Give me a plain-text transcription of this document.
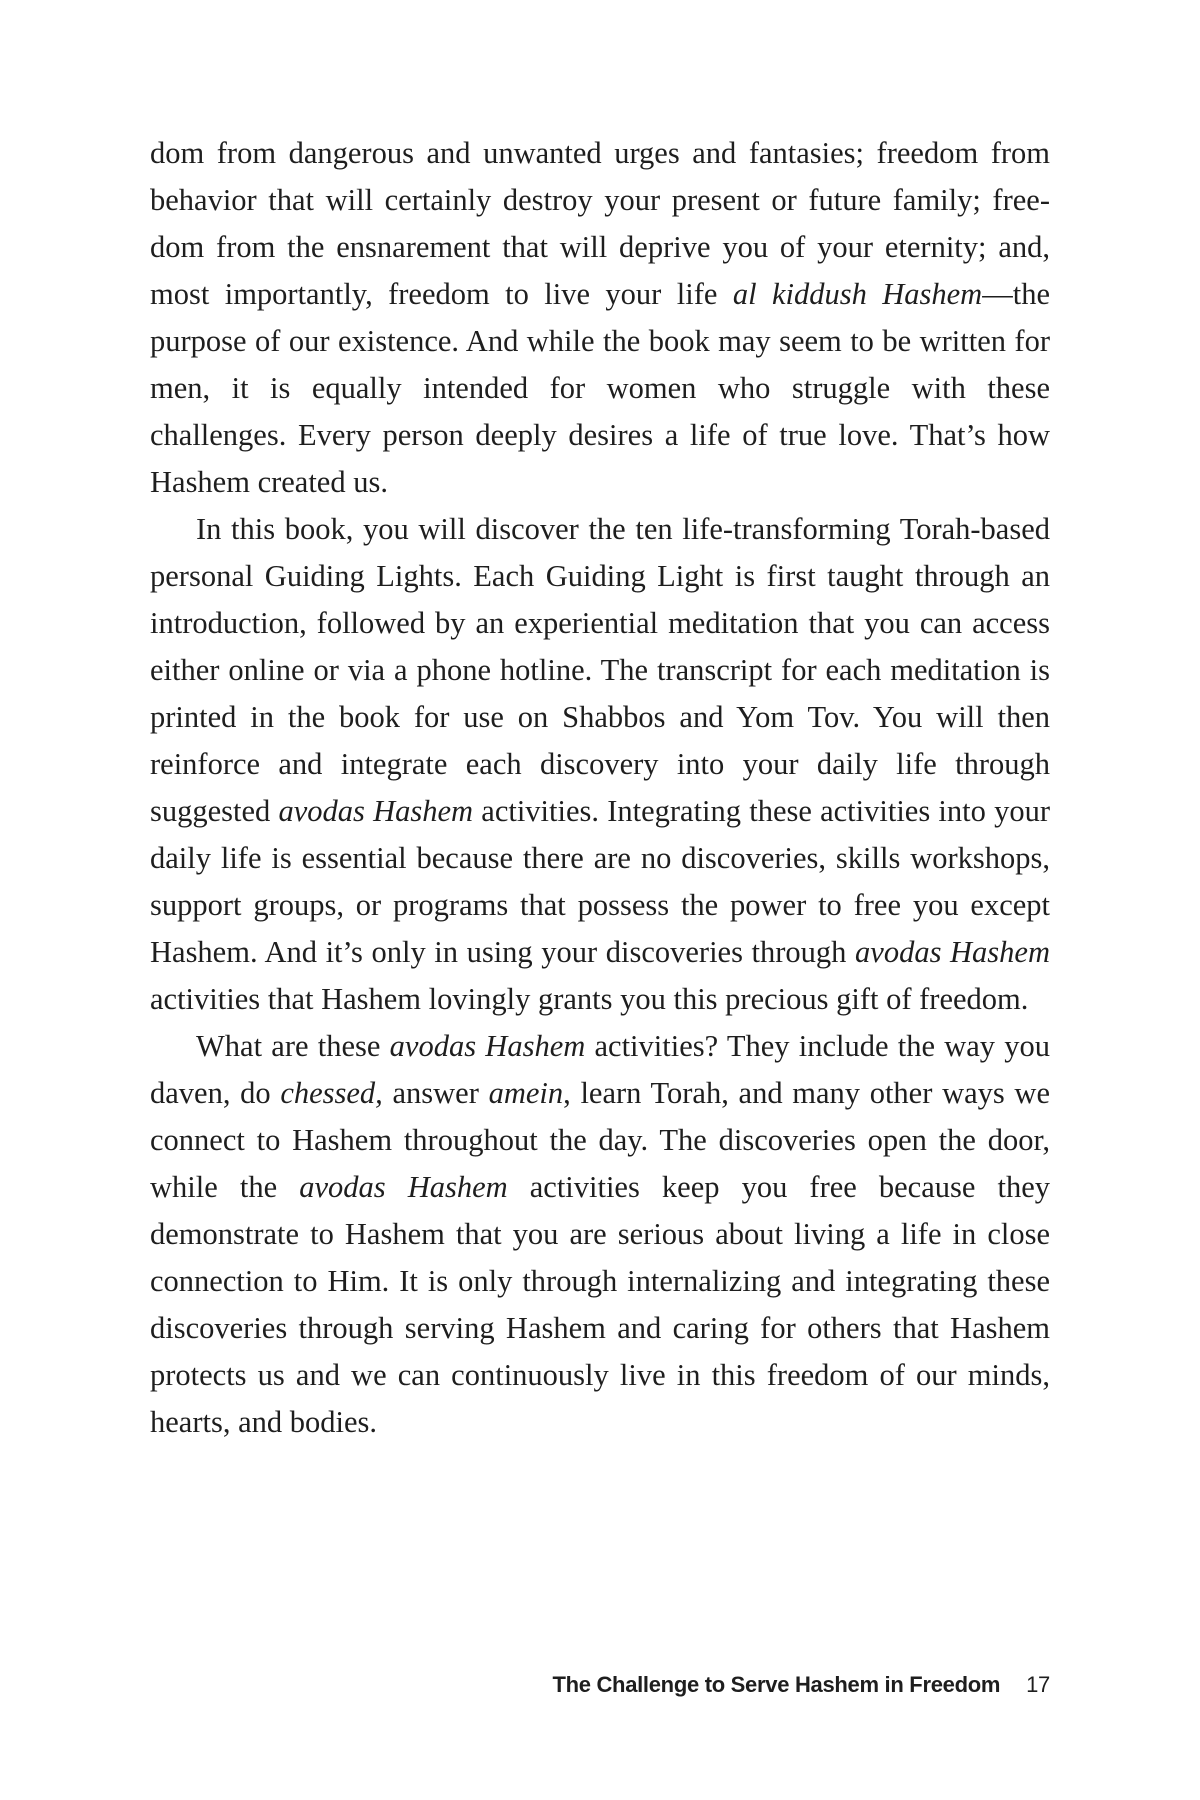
dom from dangerous and unwanted urges and fantasies; freedom from behavior that will certainly destroy your present or future family; freedom from the ensnarement that will deprive you of your eternity; and, most importantly, freedom to live your life al kiddush Hashem—the purpose of our existence. And while the book may seem to be written for men, it is equally intended for women who struggle with these challenges. Every person deeply desires a life of true love. That’s how Hashem created us.

In this book, you will discover the ten life-transforming Torah-based personal Guiding Lights. Each Guiding Light is first taught through an introduction, followed by an experiential meditation that you can access either online or via a phone hotline. The transcript for each meditation is printed in the book for use on Shabbos and Yom Tov. You will then reinforce and integrate each discovery into your daily life through suggested avodas Hashem activities. Integrating these activities into your daily life is essential because there are no discoveries, skills workshops, support groups, or programs that possess the power to free you except Hashem. And it’s only in using your discoveries through avodas Hashem activities that Hashem lovingly grants you this precious gift of freedom.

What are these avodas Hashem activities? They include the way you daven, do chessed, answer amein, learn Torah, and many other ways we connect to Hashem throughout the day. The discoveries open the door, while the avodas Hashem activities keep you free because they demonstrate to Hashem that you are serious about living a life in close connection to Him. It is only through internalizing and integrating these discoveries through serving Hashem and caring for others that Hashem protects us and we can continuously live in this freedom of our minds, hearts, and bodies.

The Challenge to Serve Hashem in Freedom 17
